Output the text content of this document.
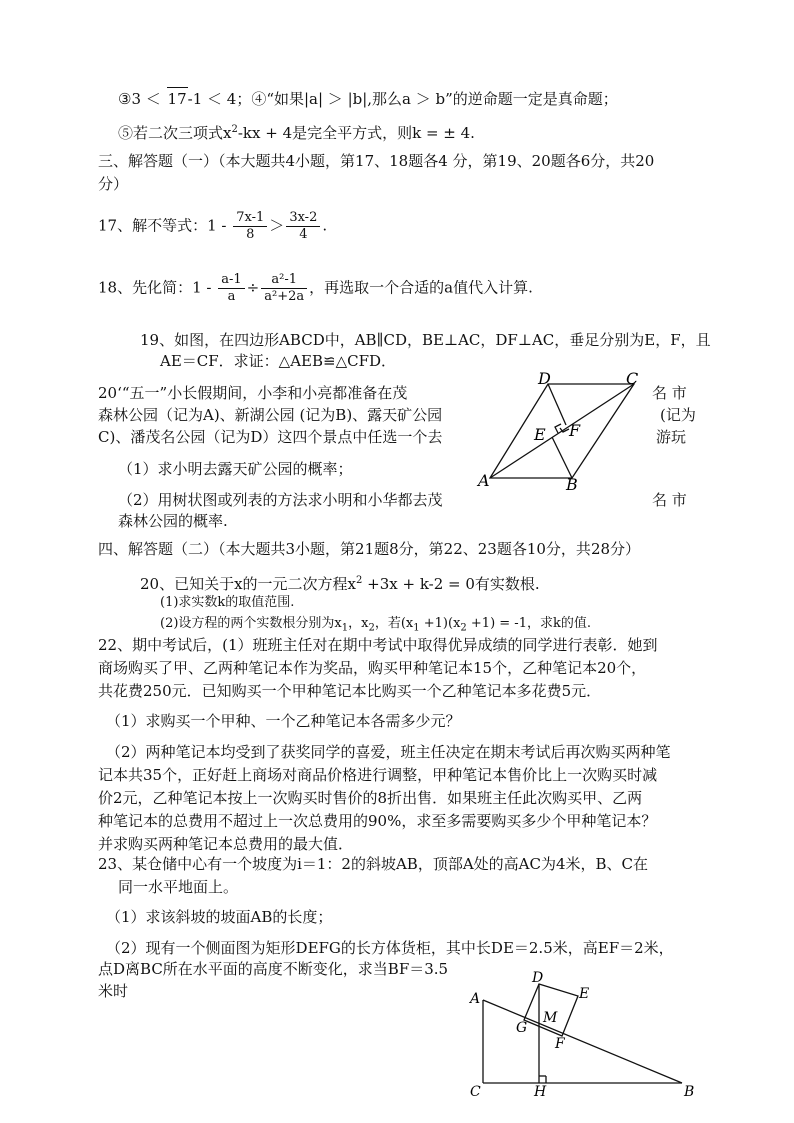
③3 ＜ 17-1 ＜ 4；④“如果|a| ＞ |b|,那么a ＞ b”的逆命题一定是真命题；
⑤若二次三项式$x^2-kx + 4$是完全平方式，则k = ± 4.
三、解答题（一）（本大题共4小题，第17、18题各4 分，第19、20题各6分，共20
分）
17、解不等式：$1 - \frac{7x-1}{8} > \frac{3x-2}{4}$ .
18、先化简：$1 - \frac{a-1}{a} \div \frac{\text{a²-1}}{\text{a²+2a}}$ ，再选取一个合适的a值代入计算.
19、如图，在四边形ABCD中，AB∥CD，BE⊥AC，DF⊥AC，垂足分别为E，F，且
AE＝CF．求证：△AEB≌△CFD．
20‘“五一”小长假期间，小李和小亮都准备在茂	名 市
森林公园（记为A)、新湖公园 (记为B)、露天矿公园	(记为
C)、潘茂名公园（记为D）这四个景点中任选一个去	游玩
（1）求小明去露天矿公园的概率；
（2）用树状图或列表的方法求小明和小华都去茂	名 市
森林公园的概率.
A	B
C
D
E F
四、解答题（二）（本大题共3小题，第21题8分，第22、23题各10分，共28分）
20、已知关于x的一元二次方程$x^2 +3x + k-2 = 0$有实数根.
(1)求实数k的取值范围.
(2)设方程的两个实数根分别为$x_1$，$x_2$，若$(x_1 +1)(x_2 +1) = -1$，求k的值.
22、期中考试后，(1）班班主任对在期中考试中取得优异成绩的同学进行表彰．她到
商场购买了甲、乙两种笔记本作为奖品，购买甲种笔记本15个，乙种笔记本20个，
共花费250元．已知购买一个甲种笔记本比购买一个乙种笔记本多花费5元．
（1）求购买一个甲种、一个乙种笔记本各需多少元？
（2）两种笔记本均受到了获奖同学的喜爱，班主任决定在期末考试后再次购买两种笔
记本共35个，正好赶上商场对商品价格进行调整，甲种笔记本售价比上一次购买时减
价2元，乙种笔记本按上一次购买时售价的8折出售．如果班主任此次购买甲、乙两
种笔记本的总费用不超过上一次总费用的90%，求至多需要购买多少个甲种笔记本？
并求购买两种笔记本总费用的最大值．
23、某仓储中心有一个坡度为i＝1：2的斜坡AB，顶部A处的高AC为4米，B、C在
同一水平地面上。
（1）求该斜坡的坡面AB的长度；
（2）现有一个侧面图为矩形DEFG的长方体货柜，其中长DE＝2.5米，高EF＝2米，
点D离BC所在水平面的高度不断变化，求当BF＝3.5
米时	A
C	B
D
E
F
G
H
M
